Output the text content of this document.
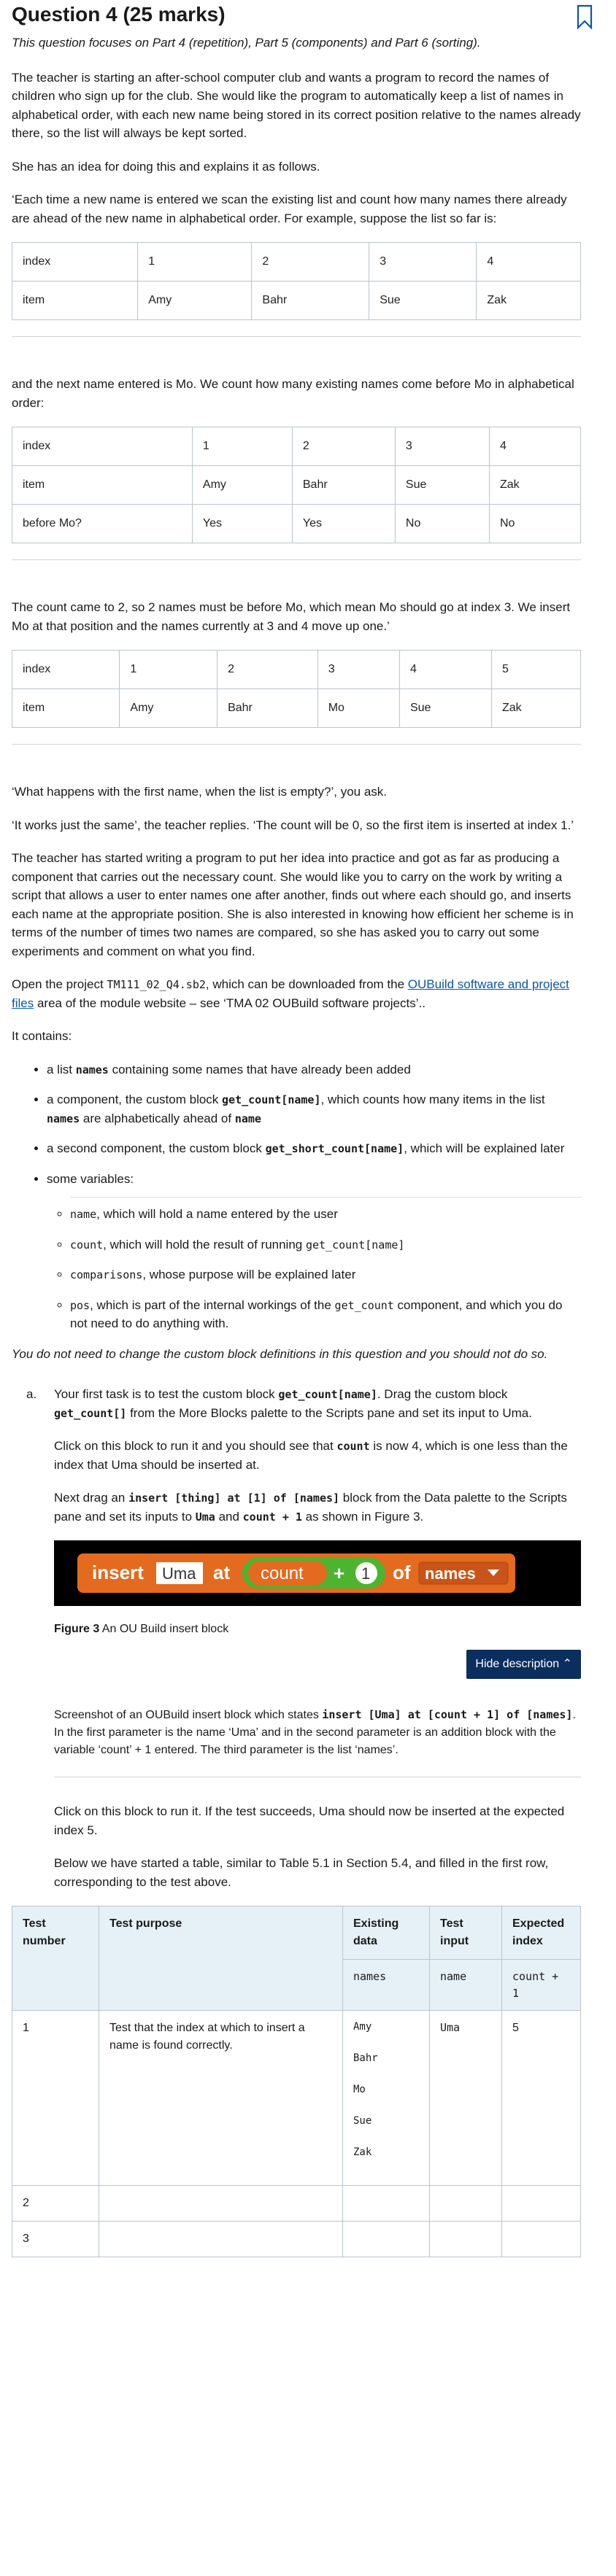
Question 4 (25 marks)

This question focuses on Part 4 (repetition), Part 5 (components) and Part 6 (sorting).

The teacher is starting an after-school computer club and wants a program to record the names of children who sign up for the club. She would like the program to automatically keep a list of names in alphabetical order, with each new name being stored in its correct position relative to the names already there, so the list will always be kept sorted.

She has an idea for doing this and explains it as follows.

‘Each time a new name is entered we scan the existing list and count how many names there already are ahead of the new name in alphabetical order. For example, suppose the list so far is:

index	1	2	3	4
item	Amy	Bahr	Sue	Zak

and the next name entered is Mo. We count how many existing names come before Mo in alphabetical order:

index	1	2	3	4
item	Amy	Bahr	Sue	Zak
before Mo?	Yes	Yes	No	No

The count came to 2, so 2 names must be before Mo, which mean Mo should go at index 3. We insert Mo at that position and the names currently at 3 and 4 move up one.’

index	1	2	3	4	5
item	Amy	Bahr	Mo	Sue	Zak

‘What happens with the first name, when the list is empty?’, you ask.

‘It works just the same’, the teacher replies. ‘The count will be 0, so the first item is inserted at index 1.’

The teacher has started writing a program to put her idea into practice and got as far as producing a component that carries out the necessary count. She would like you to carry on the work by writing a script that allows a user to enter names one after another, finds out where each should go, and inserts each name at the appropriate position. She is also interested in knowing how efficient her scheme is in terms of the number of times two names are compared, so she has asked you to carry out some experiments and comment on what you find.

Open the project TM111_02_Q4.sb2, which can be downloaded from the OUBuild software and project files area of the module website – see ‘TMA 02 OUBuild software projects’..

It contains:

• a list names containing some names that have already been added
• a component, the custom block get_count[name], which counts how many items in the list names are alphabetically ahead of name
• a second component, the custom block get_short_count[name], which will be explained later
• some variables:
◦ name, which will hold a name entered by the user
◦ count, which will hold the result of running get_count[name]
◦ comparisons, whose purpose will be explained later
◦ pos, which is part of the internal workings of the get_count component, and which you do not need to do anything with.

You do not need to change the custom block definitions in this question and you should not do so.

a. Your first task is to test the custom block get_count[name]. Drag the custom block get_count[] from the More Blocks palette to the Scripts pane and set its input to Uma.

Click on this block to run it and you should see that count is now 4, which is one less than the index that Uma should be inserted at.

Next drag an insert [thing] at [1] of [names] block from the Data palette to the Scripts pane and set its inputs to Uma and count + 1 as shown in Figure 3.

insert Uma at count + 1 of names
Figure 3 An OU Build insert block
Hide description ⌃

Screenshot of an OUBuild insert block which states insert [Uma] at [count + 1] of [names]. In the first parameter is the name ‘Uma’ and in the second parameter is an addition block with the variable ‘count’ + 1 entered. The third parameter is the list ‘names’.

Click on this block to run it. If the test succeeds, Uma should now be inserted at the expected index 5.

Below we have started a table, similar to Table 5.1 in Section 5.4, and filled in the first row, corresponding to the test above.

Test number	Test purpose	Existing data	Test input	Expected index
		names	name	count + 1
1	Test that the index at which to insert a name is found correctly.	Amy
Bahr
Mo
Sue
Zak	Uma	5
2				
3				
